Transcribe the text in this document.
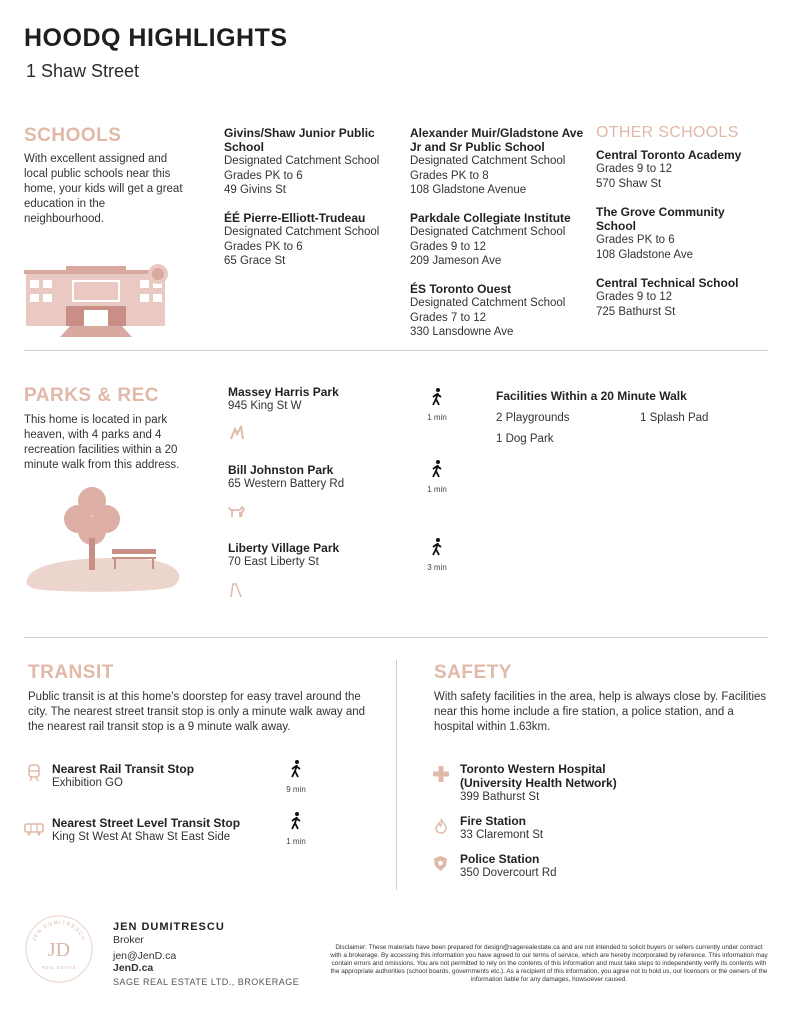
HOODQ HIGHLIGHTS
1 Shaw Street
SCHOOLS
With excellent assigned and local public schools near this home, your kids will get a great education in the neighbourhood.
Givins/Shaw Junior Public School
Designated Catchment School
Grades PK to 6
49 Givins St
ÉÉ Pierre-Elliott-Trudeau
Designated Catchment School
Grades PK to 6
65 Grace St
Alexander Muir/Gladstone Ave Jr and Sr Public School
Designated Catchment School
Grades PK to 8
108 Gladstone Avenue
Parkdale Collegiate Institute
Designated Catchment School
Grades 9 to 12
209 Jameson Ave
ÉS Toronto Ouest
Designated Catchment School
Grades 7 to 12
330 Lansdowne Ave
OTHER SCHOOLS
Central Toronto Academy
Grades 9 to 12
570 Shaw St
The Grove Community School
Grades PK to 6
108 Gladstone Ave
Central Technical School
Grades 9 to 12
725 Bathurst St
PARKS & REC
This home is located in park heaven, with 4 parks and 4 recreation facilities within a 20 minute walk from this address.
Massey Harris Park
945 King St W
1 min
Bill Johnston Park
65 Western Battery Rd	1 min
Liberty Village Park
70 East Liberty St	3 min
Facilities Within a 20 Minute Walk
2 Playgrounds	1 Splash Pad
1 Dog Park
TRANSIT
Public transit is at this home’s doorstep for easy travel around the city. The nearest street transit stop is only a minute walk away and the nearest rail transit stop is a 9 minute walk away.
Nearest Rail Transit Stop
Exhibition GO
9 min
Nearest Street Level Transit Stop
King St West At Shaw St East Side	1 min
SAFETY
With safety facilities in the area, help is always close by. Facilities near this home include a fire station, a police station, and a hospital within 1.63km.
Toronto Western Hospital (University Health Network)
399 Bathurst St
Fire Station
33 Claremont St
Police Station
350 Dovercourt Rd
JEN DUMITRESCU
JD
REAL ESTATE
JEN DUMITRESCU
Broker
jen@JenD.ca
JenD.ca
SAGE REAL ESTATE LTD., BROKERAGE
Disclaimer: These materials have been prepared for design@sagerealestate.ca and are not intended to solicit buyers or sellers currently under contract with a brokerage. By accessing this information you have agreed to our terms of service, which are hereby incorporated by reference. This information may contain errors and omissions. You are not permitted to rely on the contents of this information and must take steps to independently verify its contents with the appropriate authorities (school boards, governments etc.). As a recipient of this information, you agree not to hold us, our licensors or the owners of the information liable for any damages, howsoever caused.
